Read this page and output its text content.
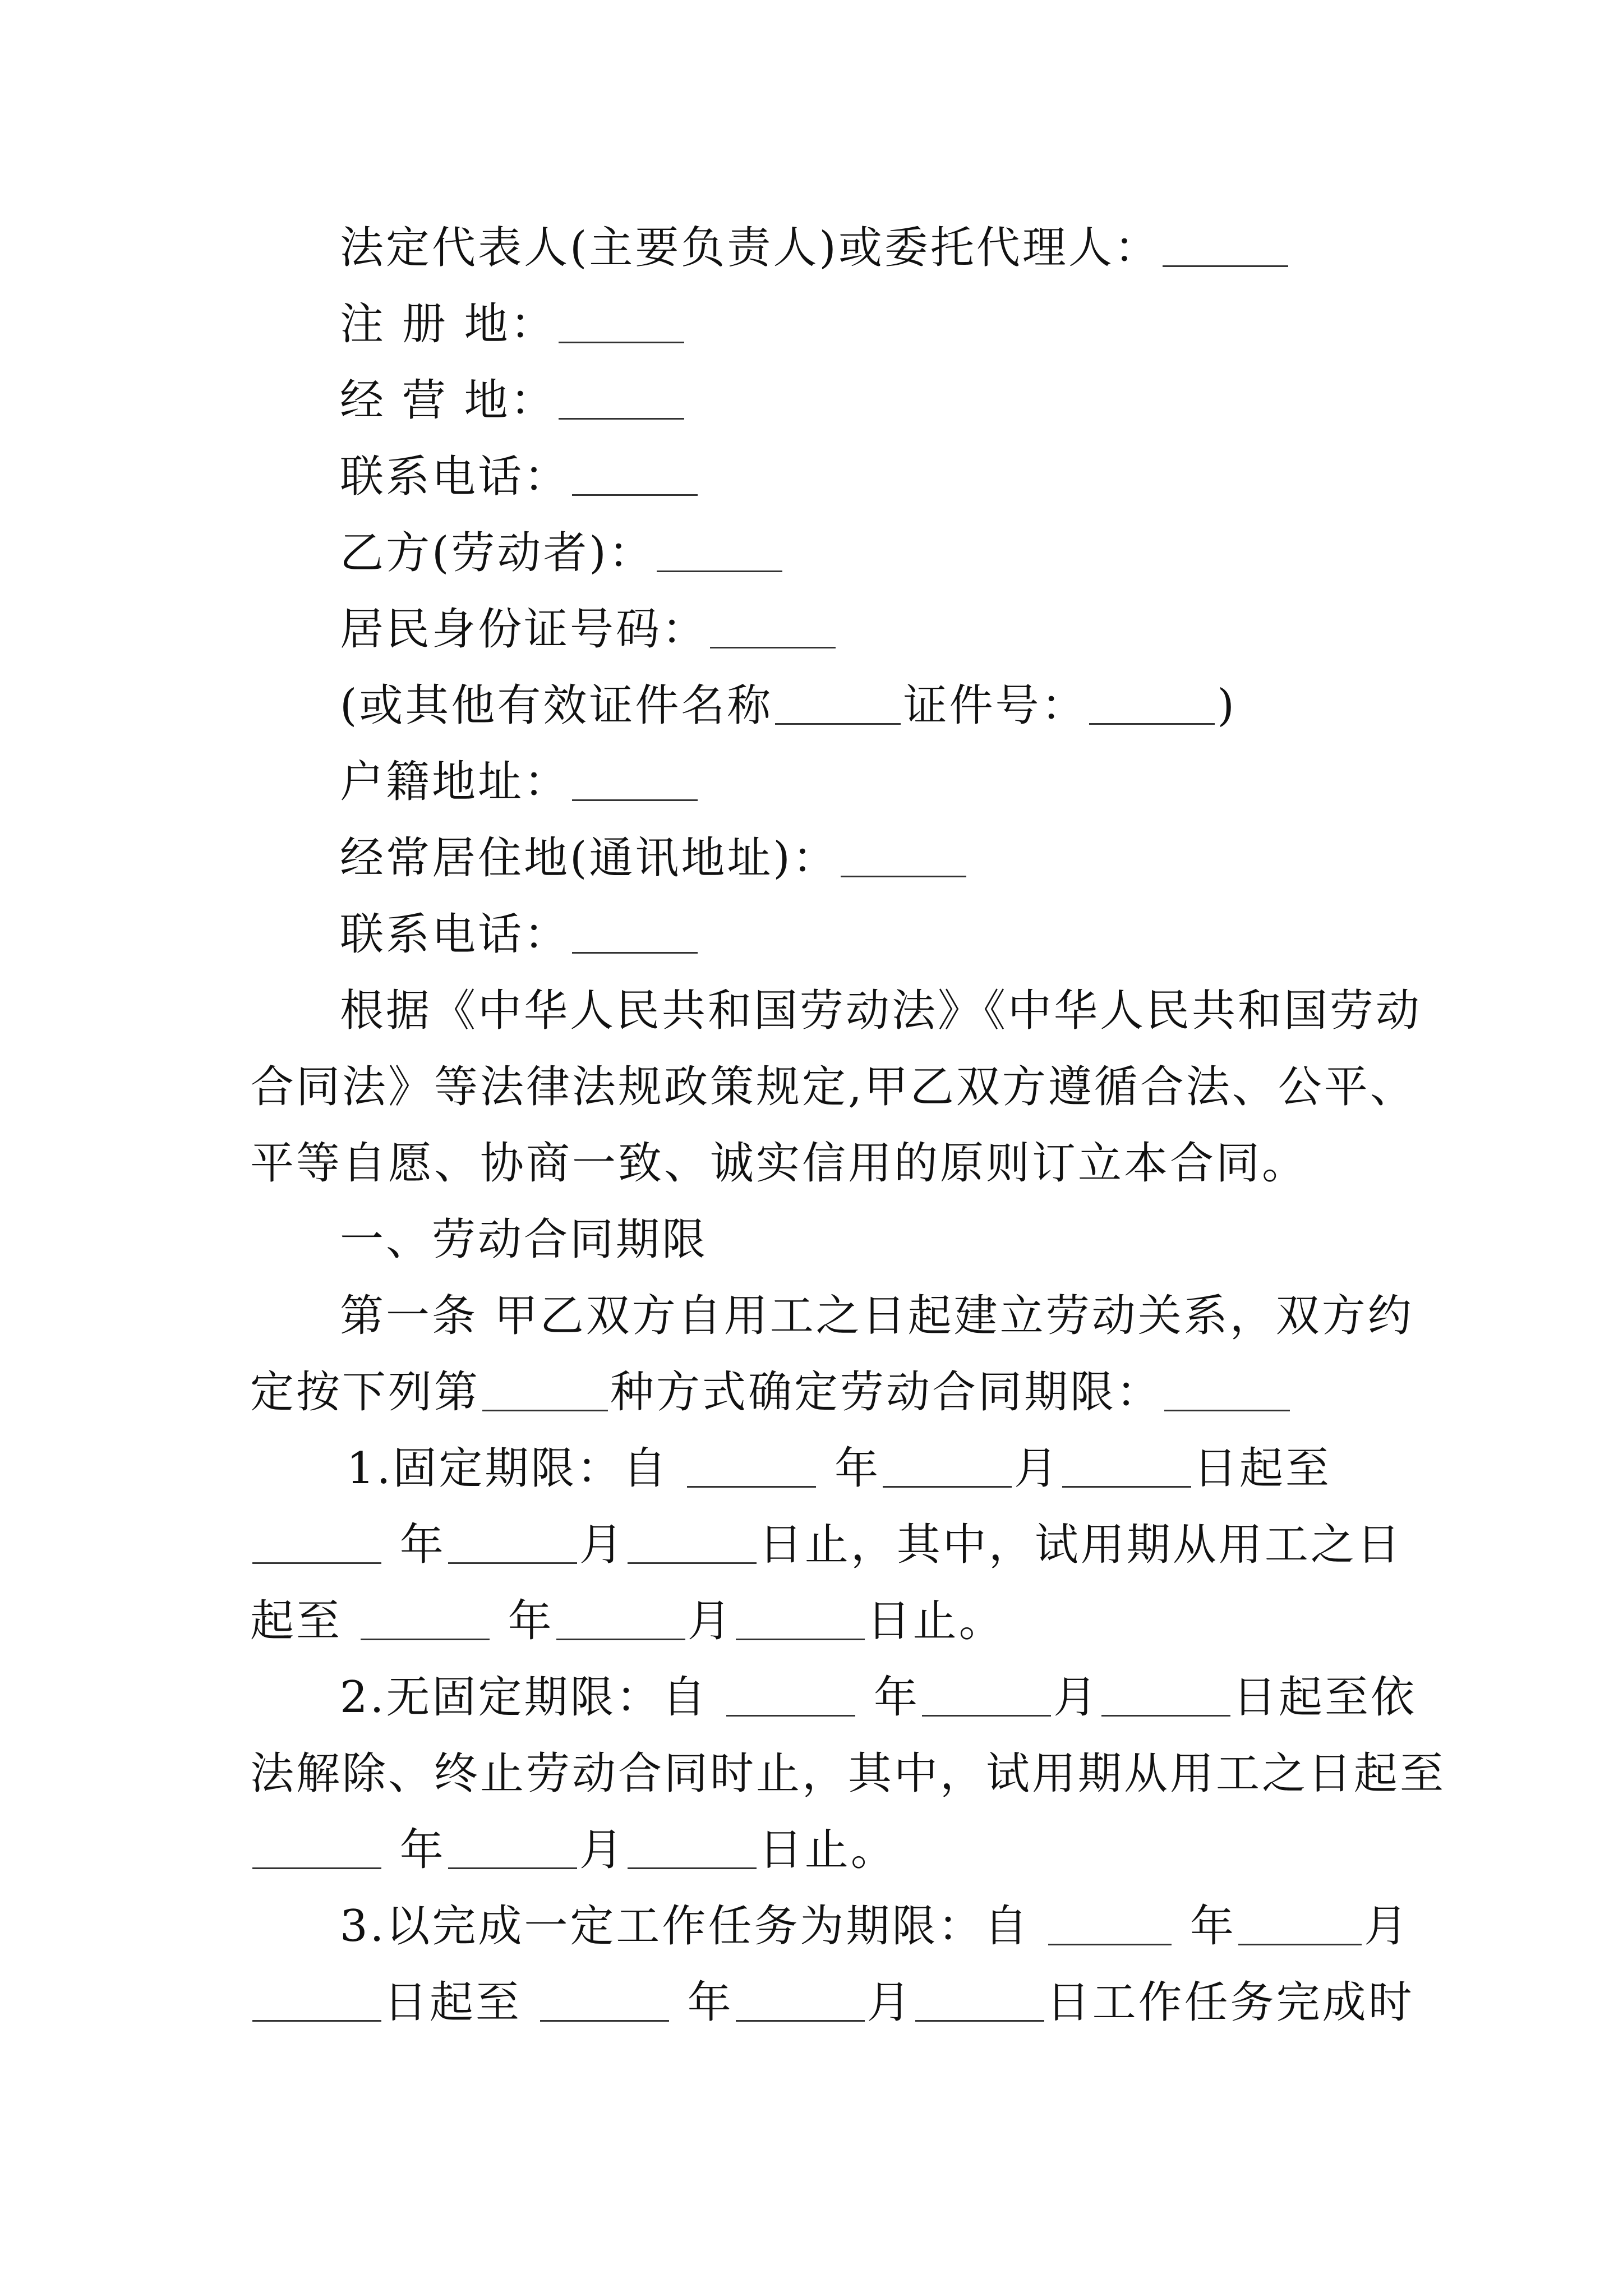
法定代表人(主要负责人)或委托代理人：
注 册 地：
经 营 地：
联系电话：
乙方(劳动者)：
居民身份证号码：
(或其他有效证件名称	证件号：	)
户籍地址：
经常居住地(通讯地址)：
联系电话：
根据《中华人民共和国劳动法》《中华人民共和国劳动
合同法》等法律法规政策规定,甲乙双方遵循合法、公平、
平等自愿、协商一致、诚实信用的原则订立本合同。
一、劳动合同期限
第一条 甲乙双方自用工之日起建立劳动关系，双方约
定按下列第	种方式确定劳动合同期限：
1.固定期限：自	年	月	日起至
年	月	日止，其中，试用期从用工之日
起至	年	月	日止。
2.无固定期限：自	年	月	日起至依
法解除、终止劳动合同时止，其中，试用期从用工之日起至
年	月	日止。
3.以完成一定工作任务为期限：自	年	月
日起至	年	月	日工作任务完成时
